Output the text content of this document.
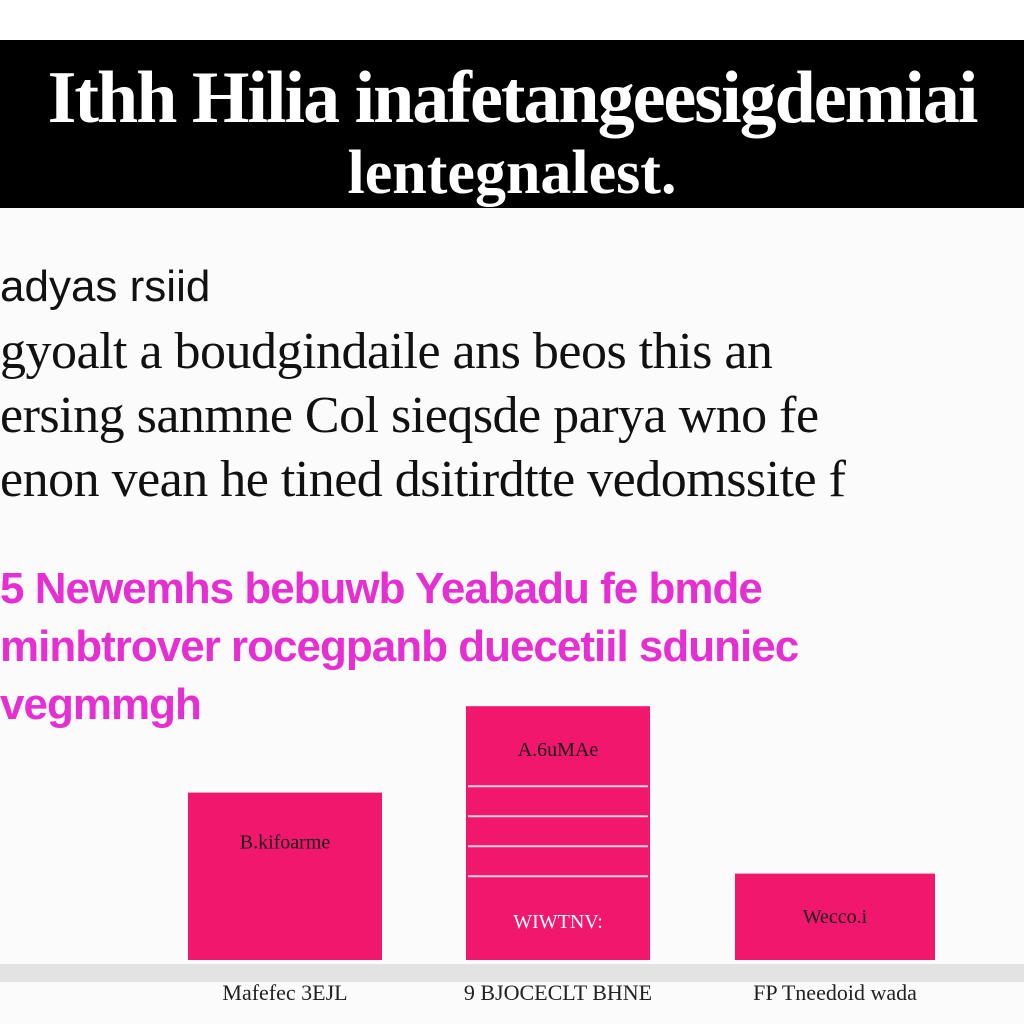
Ithh Hilia inafetangeesigdemiai
lentegnalest.
adyas rsiid
gyoalt a boudgindaile ans beos this an
ersing sanmne Col sieqsde parya wno fe
enon vean he tined dsitirdtte vedomssite f
5 Newemhs bebuwb Yeabadu fe bmde
minbtrover rocegpanb duecetiil sduniec
vegmmgh
B.kifoarme
Mafefec 3EJL
A.6uMAe
WIWTNV:
9 BJOCECLT BHNE
Wecco.i
FP Tneedoid wada
